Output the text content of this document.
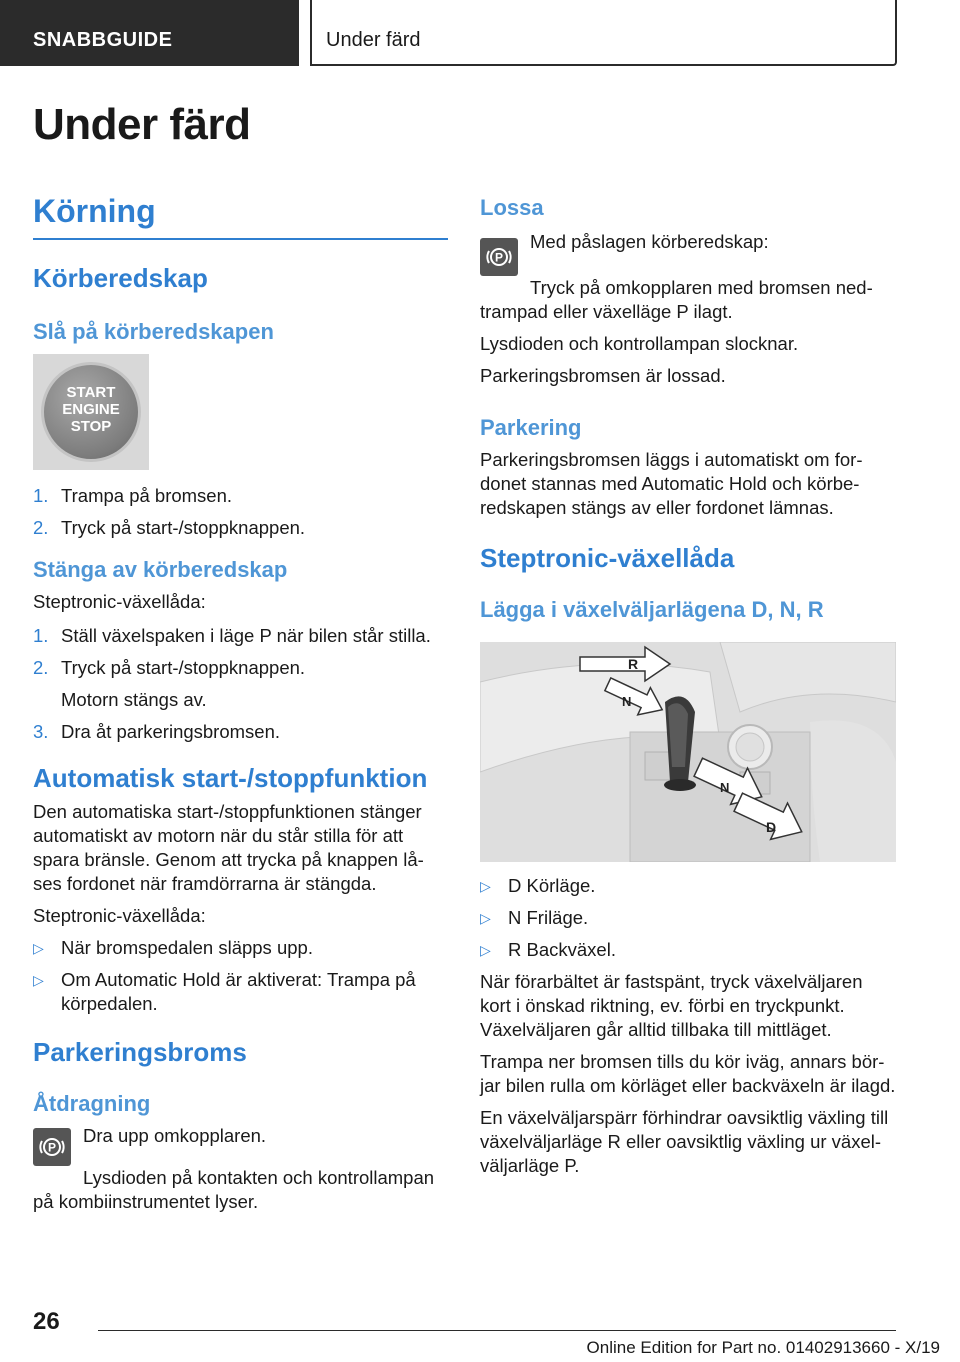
SNABBGUIDE	Under färd
Under färd
Körning
Körberedskap
Slå på körberedskapen
START
ENGINE
STOP
1. Trampa på bromsen.
2. Tryck på start-/stoppknappen.
Stänga av körberedskap

Steptronic-växellåda:

1. Ställ växelspaken i läge P när bilen står stilla.
2. Tryck på start-/stoppknappen.

Motorn stängs av.

3. Dra åt parkeringsbromsen.
Automatisk start-/stoppfunktion

Den automatiska start-/stoppfunktionen stänger automatiskt av motorn när du står stilla för att spara bränsle. Genom att trycka på knappen lå-ses fordonet när framdörrarna är stängda.

Steptronic-växellåda:

▷ När bromspedalen släpps upp.
▷ Om Automatic Hold är aktiverat: Trampa på körpedalen.
Parkeringsbroms
Åtdragning
P

Dra upp omkopplaren.

Lysdioden på kontakten och kontrollampan

på kombiinstrumentet lyser.

Lossa
P

Med påslagen körberedskap:

Tryck på omkopplaren med bromsen ned-

trampad eller växelläge P ilagt.

Lysdioden och kontrollampan slocknar.

Parkeringsbromsen är lossad.

Parkering

Parkeringsbromsen läggs i automatiskt om for-donet stannas med Automatic Hold och körbe-redskapen stängs av eller fordonet lämnas.

Steptronic-växellåda
Lägga i växelväljarlägena D, N, R
R
N
N
D
▷ D Körläge.
▷ N Friläge.
▷ R Backväxel.

När förarbältet är fastspänt, tryck växelväljaren kort i önskad riktning, ev. förbi en tryckpunkt. Växelväljaren går alltid tillbaka till mittläget.

Trampa ner bromsen tills du kör iväg, annars bör-jar bilen rulla om körläget eller backväxeln är ilagd.

En växelväljarspärr förhindrar oavsiktlig växling till växelväljarläge R eller oavsiktlig växling ur växel-väljarläge P.

26
Online Edition for Part no. 01402913660 - X/19
